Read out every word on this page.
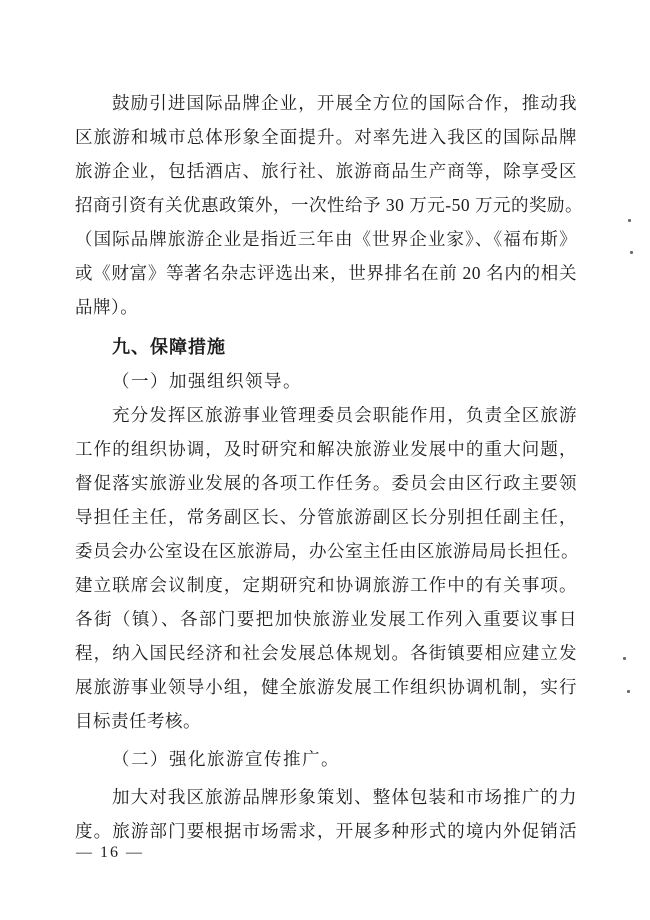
鼓励引进国际品牌企业，开展全方位的国际合作，推动我
区旅游和城市总体形象全面提升。对率先进入我区的国际品牌
旅游企业，包括酒店、旅行社、旅游商品生产商等，除享受区
招商引资有关优惠政策外，一次性给予 30 万元-50 万元的奖励。
（国际品牌旅游企业是指近三年由《世界企业家》、《福布斯》
或《财富》等著名杂志评选出来，世界排名在前 20 名内的相关
品牌）。
九、保障措施
（一）加强组织领导。
充分发挥区旅游事业管理委员会职能作用，负责全区旅游
工作的组织协调，及时研究和解决旅游业发展中的重大问题，
督促落实旅游业发展的各项工作任务。委员会由区行政主要领
导担任主任，常务副区长、分管旅游副区长分别担任副主任，
委员会办公室设在区旅游局，办公室主任由区旅游局局长担任。
建立联席会议制度，定期研究和协调旅游工作中的有关事项。
各街（镇）、各部门要把加快旅游业发展工作列入重要议事日
程，纳入国民经济和社会发展总体规划。各街镇要相应建立发
展旅游事业领导小组，健全旅游发展工作组织协调机制，实行
目标责任考核。
（二）强化旅游宣传推广。
加大对我区旅游品牌形象策划、整体包装和市场推广的力
度。旅游部门要根据市场需求，开展多种形式的境内外促销活
— 16 —
